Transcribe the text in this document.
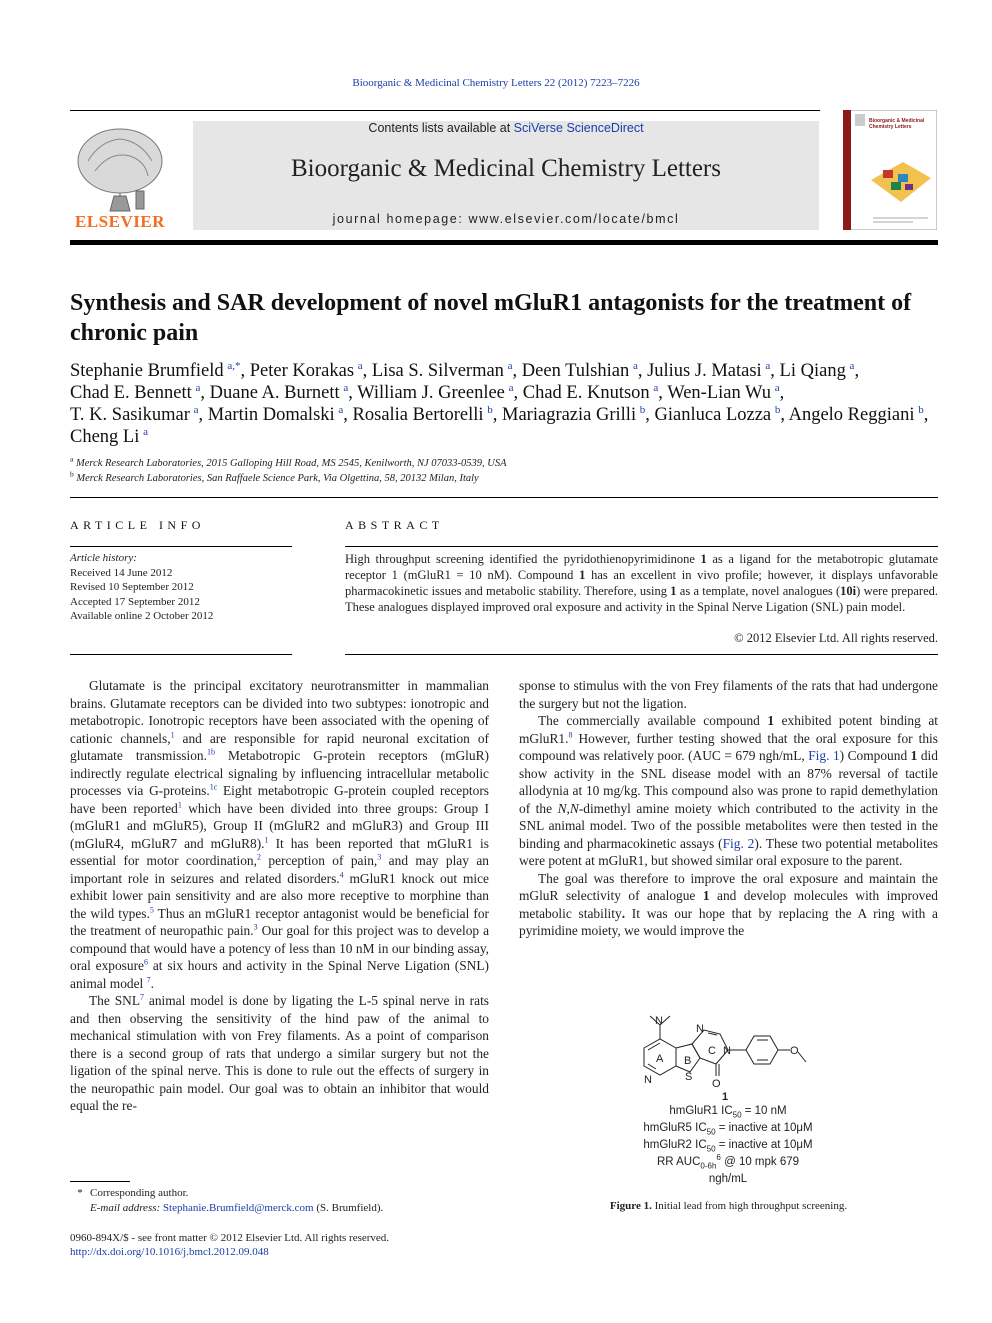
Bioorganic & Medicinal Chemistry Letters 22 (2012) 7223–7226
ELSEVIER
Contents lists available at SciVerse ScienceDirect
Bioorganic & Medicinal Chemistry Letters
journal homepage: www.elsevier.com/locate/bmcl
Bioorganic & Medicinal
Chemistry Letters
Synthesis and SAR development of novel mGluR1 antagonists for the treatment of chronic pain
Stephanie Brumfield  $^{a,*}$, Peter Korakas  $^a$, Lisa S. Silverman  $^a$, Deen Tulshian  $^a$, Julius J. Matasi  $^a$, Li Qiang  $^a$,
Chad E. Bennett  $^a$, Duane A. Burnett  $^a$, William J. Greenlee  $^a$, Chad E. Knutson  $^a$, Wen-Lian Wu  $^a$,
T. K. Sasikumar  $^a$, Martin Domalski  $^a$, Rosalia Bertorelli  $^b$, Mariagrazia Grilli  $^b$, Gianluca Lozza  $^b$, Angelo Reggiani  $^b$,
Cheng Li  $^a$
$^a$ Merck Research Laboratories, 2015 Galloping Hill Road, MS 2545, Kenilworth, NJ 07033-0539, USA
$^b$ Merck Research Laboratories, San Raffaele Science Park, Via Olgettina, 58, 20132 Milan, Italy
ARTICLE INFO
Article history:
Received 14 June 2012
Revised 10 September 2012
Accepted 17 September 2012
Available online 2 October 2012
ABSTRACT
High throughput screening identified the pyridothienopyrimidinone 1 as a ligand for the metabotropic glutamate receptor 1 (mGluR1 = 10 nM). Compound 1 has an excellent in vivo profile; however, it displays unfavorable pharmacokinetic issues and metabolic stability. Therefore, using 1 as a template, novel analogues (10i) were prepared. These analogues displayed improved oral exposure and activity in the Spinal Nerve Ligation (SNL) pain model.
© 2012 Elsevier Ltd. All rights reserved.

Glutamate is the principal excitatory neurotransmitter in mammalian brains. Glutamate receptors can be divided into two subtypes: ionotropic and metabotropic. Ionotropic receptors have been associated with the opening of cationic channels,$^1$ and are responsible for rapid neuronal excitation of glutamate transmission.$^{1b}$ Metabotropic G-protein receptors (mGluR) indirectly regulate electrical signaling by influencing intracellular metabolic processes via G-proteins.$^{1c}$ Eight metabotropic G-protein coupled receptors have been reported$^1$ which have been divided into three groups: Group I (mGluR1 and mGluR5), Group II (mGluR2 and mGluR3) and Group III (mGluR4, mGluR7 and mGluR8).$^1$ It has been reported that mGluR1 is essential for motor coordination,$^2$ perception of pain,$^3$ and may play an important role in seizures and related disorders.$^4$ mGluR1 knock out mice exhibit lower pain sensitivity and are also more receptive to morphine than the wild types.$^5$ Thus an mGluR1 receptor antagonist would be beneficial for the treatment of neuropathic pain.$^3$ Our goal for this project was to develop a compound that would have a potency of less than 10 nM in our binding assay, oral exposure$^6$ at six hours and activity in the Spinal Nerve Ligation (SNL) animal model $^7$.

The SNL$^7$ animal model is done by ligating the L-5 spinal nerve in rats and then observing the sensitivity of the hind paw of the animal to mechanical stimulation with von Frey filaments. As a point of comparison there is a second group of rats that undergo a similar surgery but not the ligation of the spinal nerve. This is done to rule out the effects of surgery in the neuropathic pain model. Our goal was to obtain an inhibitor that would equal the re-

sponse to stimulus with the von Frey filaments of the rats that had undergone the surgery but not the ligation.

The commercially available compound 1 exhibited potent binding at mGluR1.$^8$ However, further testing showed that the oral exposure for this compound was relatively poor. (AUC = 679 ngh/mL, Fig. 1) Compound 1 did show activity in the SNL disease model with an 87% reversal of tactile allodynia at 10 mg/kg. This compound also was prone to rapid demethylation of the N,N-dimethyl amine moiety which contributed to the activity in the SNL animal model. Two of the possible metabolites were then tested in the binding and pharmacokinetic assays (Fig. 2). These two potential metabolites were potent at mGluR1, but showed similar oral exposure to the parent.

The goal was therefore to improve the oral exposure and maintain the mGluR selectivity of analogue 1 and develop molecules with improved metabolic stability. It was our hope that by replacing the A ring with a pyrimidine moiety, we would improve the

N
N	S
N
N
O
O
A B
C
1
hmGluR1 $IC_{50} = 10$ nM
hmGluR5 $IC_{50}$ = inactive at 10μM
hmGluR2 $IC_{50}$ = inactive at 10μM
RR $AUC_{0-6h}^6$ @ 10 mpk 679
ngh/mL
Figure 1. Initial lead from high throughput screening.
* Corresponding author.
E-mail address: Stephanie.Brumfield@merck.com (S. Brumfield).
0960-894X/$ - see front matter © 2012 Elsevier Ltd. All rights reserved.
http://dx.doi.org/10.1016/j.bmcl.2012.09.048
